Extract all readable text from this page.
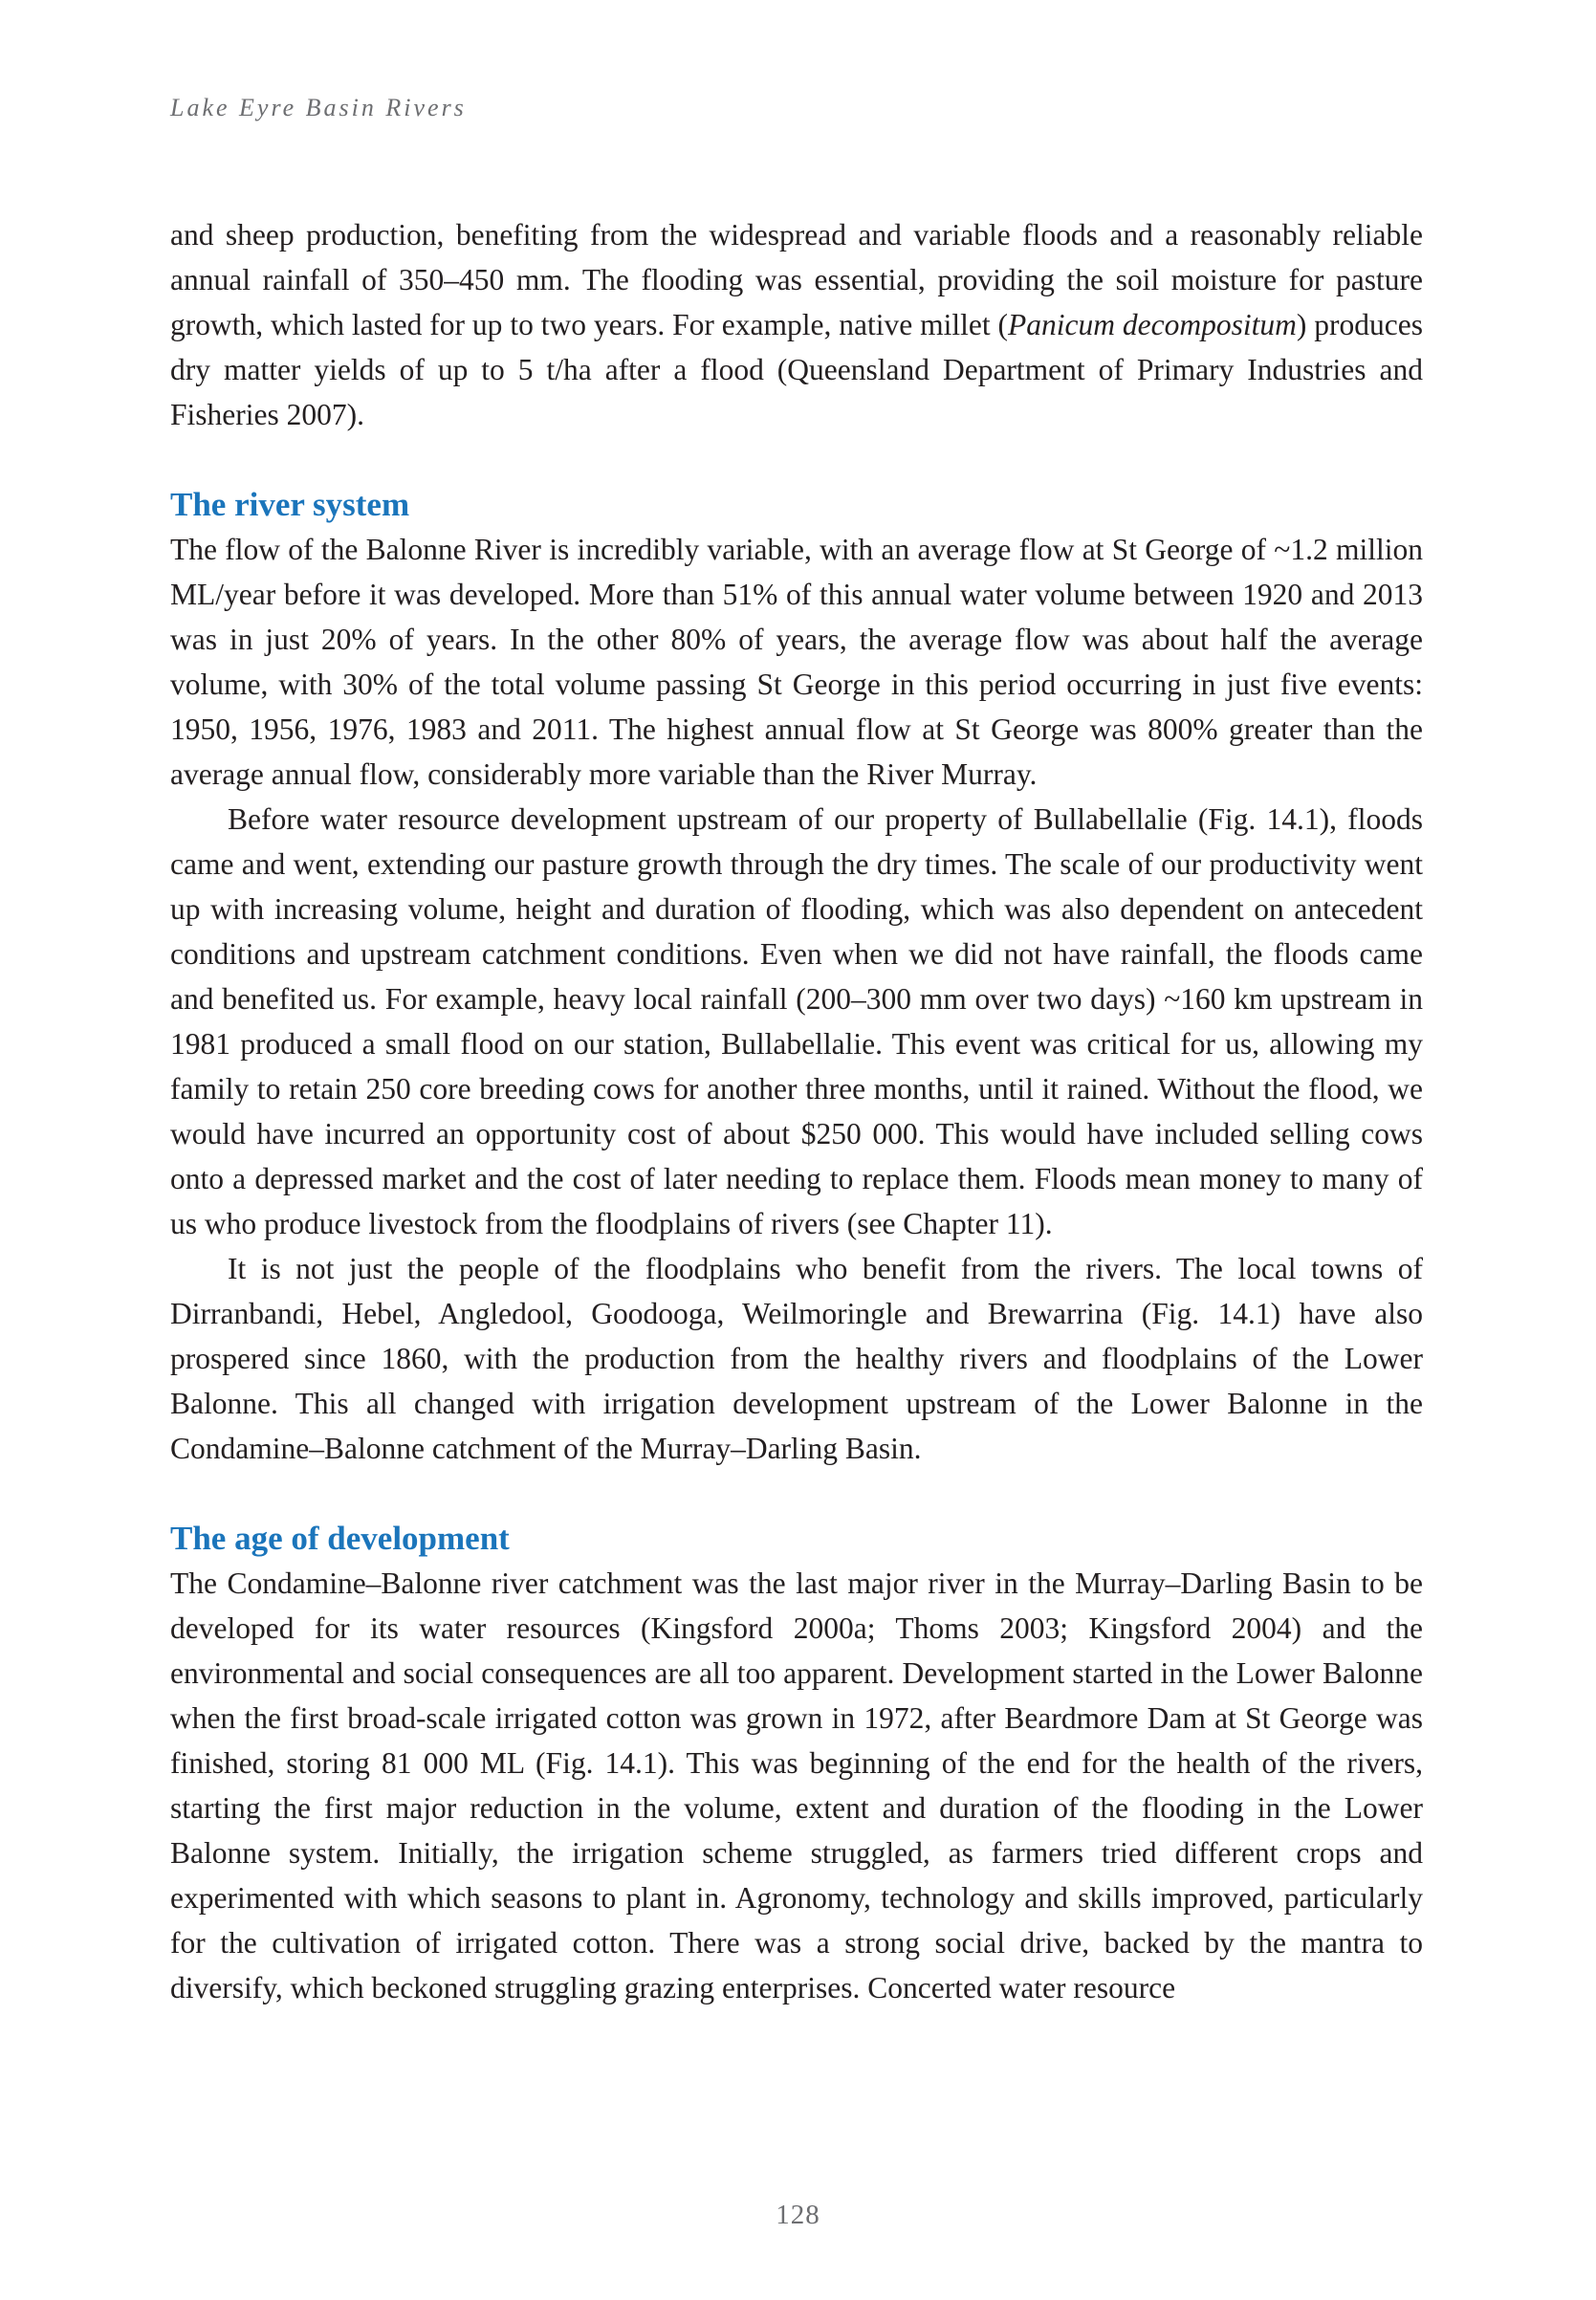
Lake Eyre Basin Rivers

and sheep production, benefiting from the widespread and variable floods and a reasonably reliable annual rainfall of 350–450 mm. The flooding was essential, providing the soil moisture for pasture growth, which lasted for up to two years. For example, native millet (Panicum decompositum) produces dry matter yields of up to 5 t/ha after a flood (Queensland Department of Primary Industries and Fisheries 2007).

The river system

The flow of the Balonne River is incredibly variable, with an average flow at St George of ~1.2 million ML/year before it was developed. More than 51% of this annual water volume between 1920 and 2013 was in just 20% of years. In the other 80% of years, the average flow was about half the average volume, with 30% of the total volume passing St George in this period occurring in just five events: 1950, 1956, 1976, 1983 and 2011. The highest annual flow at St George was 800% greater than the average annual flow, considerably more variable than the River Murray.

Before water resource development upstream of our property of Bullabellalie (Fig. 14.1), floods came and went, extending our pasture growth through the dry times. The scale of our productivity went up with increasing volume, height and duration of flooding, which was also dependent on antecedent conditions and upstream catchment conditions. Even when we did not have rainfall, the floods came and benefited us. For example, heavy local rainfall (200–300 mm over two days) ~160 km upstream in 1981 produced a small flood on our station, Bullabellalie. This event was critical for us, allowing my family to retain 250 core breeding cows for another three months, until it rained. Without the flood, we would have incurred an opportunity cost of about $250 000. This would have included selling cows onto a depressed market and the cost of later needing to replace them. Floods mean money to many of us who produce livestock from the floodplains of rivers (see Chapter 11).

It is not just the people of the floodplains who benefit from the rivers. The local towns of Dirranbandi, Hebel, Angledool, Goodooga, Weilmoringle and Brewarrina (Fig. 14.1) have also prospered since 1860, with the production from the healthy rivers and floodplains of the Lower Balonne. This all changed with irrigation development upstream of the Lower Balonne in the Condamine–Balonne catchment of the Murray–Darling Basin.

The age of development

The Condamine–Balonne river catchment was the last major river in the Murray–Darling Basin to be developed for its water resources (Kingsford 2000a; Thoms 2003; Kingsford 2004) and the environmental and social consequences are all too apparent. Development started in the Lower Balonne when the first broad-scale irrigated cotton was grown in 1972, after Beardmore Dam at St George was finished, storing 81 000 ML (Fig. 14.1). This was beginning of the end for the health of the rivers, starting the first major reduction in the volume, extent and duration of the flooding in the Lower Balonne system. Initially, the irrigation scheme struggled, as farmers tried different crops and experimented with which seasons to plant in. Agronomy, technology and skills improved, particularly for the cultivation of irrigated cotton. There was a strong social drive, backed by the mantra to diversify, which beckoned struggling grazing enterprises. Concerted water resource

128
